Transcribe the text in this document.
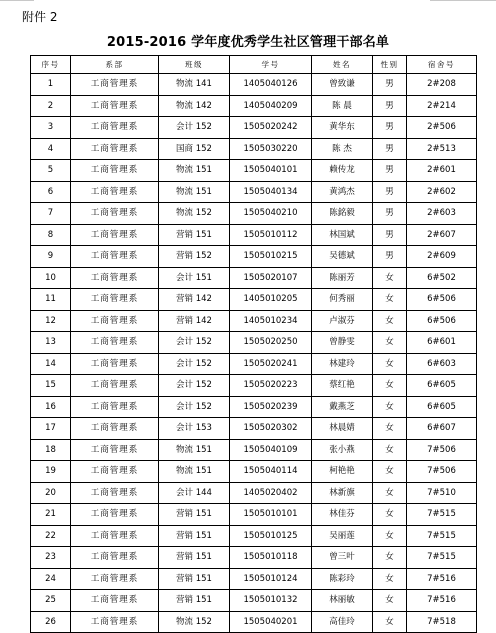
附件 2
2015-2016 学年度优秀学生社区管理干部名单
序号	系部	班级	学号	姓名	性别	宿舍号
1	工商管理系	物流 141	1405040126	曾致谦	男	2#208
2	工商管理系	物流 142	1405040209	陈 晨	男	2#214
3	工商管理系	会计 152	1505020242	黄华东	男	2#506
4	工商管理系	国商 152	1505030220	陈 杰	男	2#513
5	工商管理系	物流 151	1505040101	赖传龙	男	2#601
6	工商管理系	物流 151	1505040134	黄鸿杰	男	2#602
7	工商管理系	物流 152	1505040210	陈銘毅	男	2#603
8	工商管理系	营销 151	1505010112	林国斌	男	2#607
9	工商管理系	营销 152	1505010215	吴德斌	男	2#609
10	工商管理系	会计 151	1505020107	陈丽芳	女	6#502
11	工商管理系	营销 142	1405010205	何秀丽	女	6#506
12	工商管理系	营销 142	1405010234	卢淑芬	女	6#506
13	工商管理系	会计 152	1505020250	曾静雯	女	6#601
14	工商管理系	会计 152	1505020241	林建玲	女	6#603
15	工商管理系	会计 152	1505020223	蔡红艳	女	6#605
16	工商管理系	会计 152	1505020239	戴燕芝	女	6#605
17	工商管理系	会计 153	1505020302	林晨婧	女	6#607
18	工商管理系	物流 151	1505040109	张小燕	女	7#506
19	工商管理系	物流 151	1505040114	柯艳艳	女	7#506
20	工商管理系	会计 144	1405020402	林新旗	女	7#510
21	工商管理系	营销 151	1505010101	林佳芬	女	7#515
22	工商管理系	营销 151	1505010125	吴丽莲	女	7#515
23	工商管理系	营销 151	1505010118	曾三叶	女	7#515
24	工商管理系	营销 151	1505010124	陈彩玲	女	7#516
25	工商管理系	营销 151	1505010132	林丽敏	女	7#516
26	工商管理系	物流 152	1505040201	高佳玲	女	7#518
